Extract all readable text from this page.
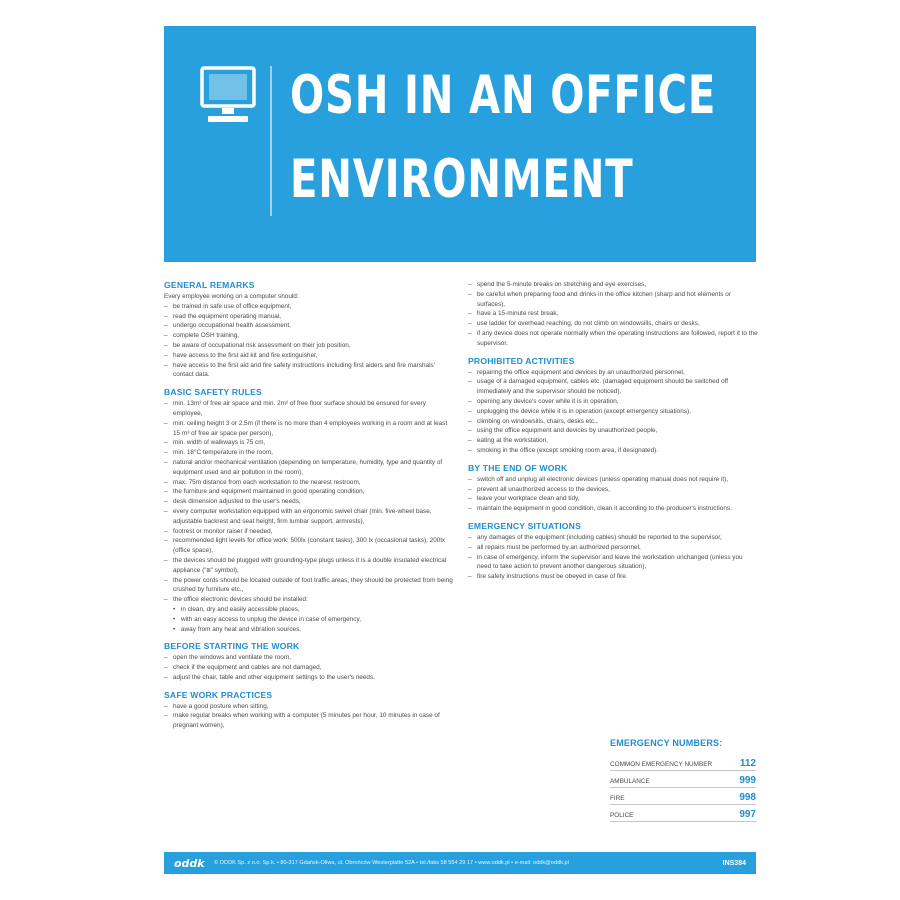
OSH IN AN OFFICE
ENVIRONMENT
GENERAL REMARKS
Every employee working on a computer should:
– be trained in safe use of office equipment,
– read the equipment operating manual,
– undergo occupational health assessment,
– complete OSH training,
– be aware of occupational risk assessment on their job position,
– have access to the first aid kit and fire extinguisher,
– have access to the first aid and fire safety instructions including first aiders and fire marshals' contact data.
BASIC SAFETY RULES
– min. 13m³ of free air space and min. 2m² of free floor surface should be ensured for every employee,
– min. ceiling height 3 or 2.5m (if there is no more than 4 employees working in a room and at least 15 m³ of free air space per person),
– min. width of walkways is 75 cm,
– min. 18°C temperature in the room,
– natural and/or mechanical ventilation (depending on temperature, humidity, type and quantity of equipment used and air pollution in the room),
– max. 75m distance from each workstation to the nearest restroom,
– the furniture and equipment maintained in good operating condition,
– desk dimension adjusted to the user's needs,
– every computer workstation equipped with an ergonomic swivel chair (min. five-wheel base, adjustable backrest and seat height, firm lumbar support, armrests),
– footrest or monitor raiser if needed,
– recommended light levels for office work: 500lx (constant tasks), 300 lx (occasional tasks), 200lx (office space),
– the devices should be plugged with grounding-type plugs unless it is a double insulated electrical appliance ("⧈" symbol),
– the power cords should be located outside of foot traffic areas, they should be protected from being crushed by furniture etc.,
– the office electronic devices should be installed:
• in clean, dry and easily accessible places,
• with an easy access to unplug the device in case of emergency,
• away from any heat and vibration sources.
BEFORE STARTING THE WORK
– open the windows and ventilate the room,
– check if the equipment and cables are not damaged,
– adjust the chair, table and other equipment settings to the user's needs.
SAFE WORK PRACTICES
– have a good posture when sitting,
– make regular breaks when working with a computer (5 minutes per hour, 10 minutes in case of pregnant women),
– spend the 5-minute breaks on stretching and eye exercises,
– be careful when preparing food and drinks in the office kitchen (sharp and hot elements or surfaces),
– have a 15-minute rest break,
– use ladder for overhead reaching, do not climb on windowsills, chairs or desks,
– if any device does not operate normally when the operating instructions are followed, report it to the supervisor.
PROHIBITED ACTIVITIES
– repairing the office equipment and devices by an unauthorized personnel,
– usage of a damaged equipment, cables etc. (damaged equipment should be switched off immediately and the supervisor should be noticed),
– opening any device's cover while it is in operation,
– unplugging the device while it is in operation (except emergency situations),
– climbing on windowsills, chairs, desks etc.,
– using the office equipment and devices by unauthorized people,
– eating at the workstation,
– smoking in the office (except smoking room area, if designated).
BY THE END OF WORK
– switch off and unplug all electronic devices (unless operating manual does not require it),
– prevent all unauthorized access to the devices,
– leave your workplace clean and tidy,
– maintain the equipment in good condition, clean it according to the producer's instructions.
EMERGENCY SITUATIONS
– any damages of the equipment (including cables) should be reported to the supervisor,
– all repairs must be performed by an authorized personnel,
– in case of emergency, inform the supervisor and leave the workstation unchanged (unless you need to take action to prevent another dangerous situation),
– fire safety instructions must be obeyed in case of fire.
EMERGENCY NUMBERS:
COMMON EMERGENCY NUMBER	112
AMBULANCE	999
FIRE	998
POLICE	997
oddk © ODDK Sp. z o.o. Sp.k. • 80-317 Gdańsk-Oliwa, ul. Obrońców Westerplatte 52A • tel./faks 58 554 29 17 • www.oddk.pl • e-mail: oddk@oddk.pl	INS384
